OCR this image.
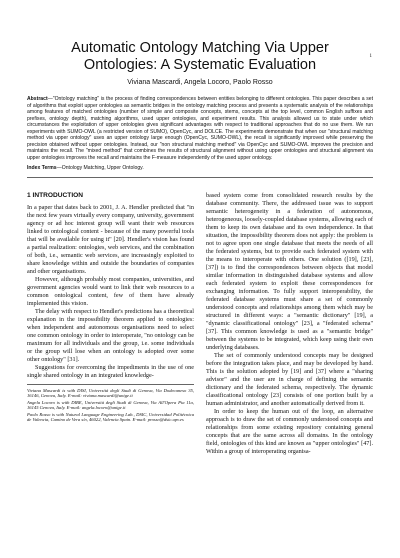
1
Automatic Ontology Matching Via Upper
Ontologies: A Systematic Evaluation
Viviana Mascardi, Angela Locoro, Paolo Rosso
Abstract—"Ontology matching" is the process of finding correspondences between entities belonging to different ontologies. This paper describes a set of algorithms that exploit upper ontologies as semantic bridges in the ontology matching process and presents a systematic analysis of the relationships among features of matched ontologies (number of simple and composite concepts, stems, concepts at the top level, common English suffixes and prefixes, ontology depth), matching algorithms, used upper ontologies, and experiment results. This analysis allowed us to state under which circumstances the exploitation of upper ontologies gives significant advantages with respect to traditional approaches that do no use them. We run experiments with SUMO-OWL (a restricted version of SUMO), OpenCyc, and DOLCE. The experiments demonstrate that when our "structural matching method via upper ontology" uses an upper ontology large enough (OpenCyc, SUMO-OWL), the recall is significantly improved while preserving the precision obtained without upper ontologies. Instead, our "non structural matching method" via OpenCyc and SUMO-OWL improves the precision and maintains the recall. The "mixed method" that combines the results of structural alignment without using upper ontologies and structural alignment via upper ontologies improves the recall and maintains the F-measure independently of the used upper ontology.
Index Terms—Ontology Matching, Upper Ontology.
1 INTRODUCTION

In a paper that dates back to 2001, J. A. Hendler predicted that "in the next few years virtually every company, university, government agency or ad hoc interest group will want their web resources linked to ontological content - because of the many powerful tools that will be available for using it" [20]. Hendler's vision has found a partial realization: ontologies, web services, and the combination of both, i.e., semantic web services, are increasingly exploited to share knowledge within and outside the boundaries of companies and other organisations.

However, although probably most companies, universities, and government agencies would want to link their web resources to a common ontological content, few of them have already implemented this vision.

The delay with respect to Hendler's predictions has a theoretical explanation in the impossibility theorem applied to ontologies: when independent and autonomous organisations need to select one common ontology in order to interoperate, "no ontology can be maximum for all individuals and the group, i.e. some individuals or the group will lose when an ontology is adopted over some other ontology" [31].

Suggestions for overcoming the impediments in the use of one single shared ontology in an integrated knowledge-

Viviana Mascardi is with DISI, Università degli Studi di Genova, Via Dodecaneso 35, 16146, Genova, Italy. E-mail: viviana.mascardi@unige.it
Angela Locoro is with DIBE, Università degli Studi di Genova, Via All'Opera Pia 11a, 16145 Genova, Italy. E-mail: angela.locoro@unige.it
Paolo Rosso is with Natural Language Engineering Lab., DSIC, Universidad Politécnica de Valencia, Camino de Vera s/n, 46022, Valencia Spain. E-mail: prosso@dsic.upv.es

based system come from consolidated research results by the database community. There, the addressed issue was to support semantic heterogeneity in a federation of autonomous, heterogeneous, loosely-coupled database systems, allowing each of them to keep its own database and its own independence. In that situation, the impossibility theorem does not apply: the problem is not to agree upon one single database that meets the needs of all the federated systems, but to provide each federated system with the means to interoperate with others. One solution ([19], [23], [37]) is to find the correspondences between objects that model similar information in distinguished database systems and allow each federated system to exploit these correspondences for exchanging information. To fully support interoperability, the federated database systems must share a set of commonly understood concepts and relationships among them which may be structured in different ways: a "semantic dictionary" [19], a "dynamic classificational ontology" [23], a "federated schema" [37]. This common knowledge is used as a "semantic bridge" between the systems to be integrated, which keep using their own underlying databases.

The set of commonly understood concepts may be designed before the integration takes place, and may be developed by hand. This is the solution adopted by [19] and [37] where a "sharing advisor" and the user are in charge of defining the semantic dictionary and the federated schema, respectively. The dynamic classificational ontology [23] consists of one portion built by a human administrator, and another automatically derived from it.

In order to keep the human out of the loop, an alternative approach is to draw the set of commonly understood concepts and relationships from some existing repository containing general concepts that are the same across all domains. In the ontology field, ontologies of this kind are known as "upper ontologies" [47]. Within a group of interoperating organisa-
